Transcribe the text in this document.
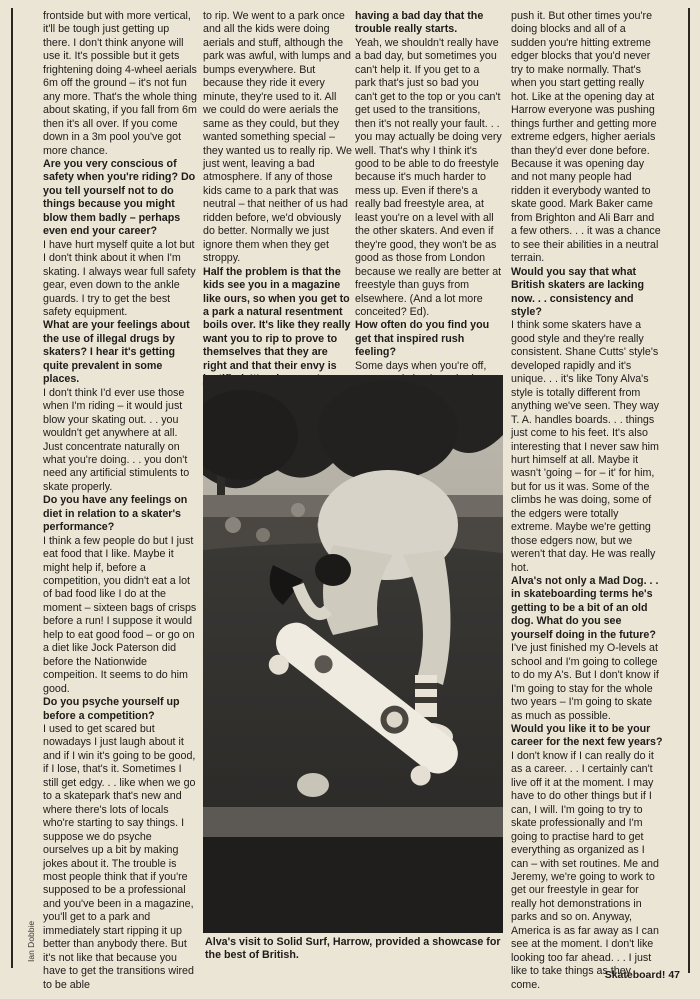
frontside but with more vertical, it'll be tough just getting up there. I don't think anyone will use it. It's possible but it gets frightening doing 4-wheel aerials 6m off the ground – it's not fun any more. That's the whole thing about skating, if you fall from 6m then it's all over. If you come down in a 3m pool you've got more chance.

Are you very conscious of safety when you're riding? Do you tell yourself not to do things because you might blow them badly – perhaps even end your career?

I have hurt myself quite a lot but I don't think about it when I'm skating. I always wear full safety gear, even down to the ankle guards. I try to get the best safety equipment.

What are your feelings about the use of illegal drugs by skaters? I hear it's getting quite prevalent in some places.

I don't think I'd ever use those when I'm riding – it would just blow your skating out. . . you wouldn't get anywhere at all. Just concentrate naturally on what you're doing. . . you don't need any artificial stimulents to skate properly.

Do you have any feelings on diet in relation to a skater's performance?

I think a few people do but I just eat food that I like. Maybe it might help if, before a competition, you didn't eat a lot of bad food like I do at the moment – sixteen bags of crisps before a run! I suppose it would help to eat good food – or go on a diet like Jock Paterson did before the Nationwide compeition. It seems to do him good.

Do you psyche yourself up before a competition?

I used to get scared but nowadays I just laugh about it and if I win it's going to be good, if I lose, that's it. Sometimes I still get edgy. . . like when we go to a skatepark that's new and where there's lots of locals who're starting to say things. I suppose we do psyche ourselves up a bit by making jokes about it. The trouble is most people think that if you're supposed to be a professional and you've been in a magazine, you'll get to a park and immediately start ripping it up better than anybody there. But it's not like that because you have to get the transitions wired to be able

to rip. We went to a park once and all the kids were doing aerials and stuff, although the park was awful, with lumps and bumps everywhere. But because they ride it every minute, they're used to it. All we could do were aerials the same as they could, but they wanted something special – they wanted us to really rip. We just went, leaving a bad atmosphere. If any of those kids came to a park that was neutral – that neither of us had ridden before, we'd obviously do better. Normally we just ignore them when they get stroppy.

Half the problem is that the kids see you in a magazine like ours, so when you get to a park a natural resentment boils over. It's like they really want you to rip to prove to themselves that they are right and that their envy is

having a bad day that the trouble really starts.

Yeah, we shouldn't really have a bad day, but sometimes you can't help it. If you get to a park that's just so bad you can't get to the top or you can't get used to the transitions, then it's not really your fault. . . you may actually be doing very well. That's why I think it's good to be able to do freestyle because it's much harder to mess up. Even if there's a really bad freestyle area, at least you're on a level with all the other skaters. And even if they're good, they won't be as good as those from London because we really are better at freestyle than guys from elsewhere. (And a lot more conceited? Ed).

How often do you find you get that inspired rush feeling?

Some days when you're off,

push it. But other times you're doing blocks and all of a sudden you're hitting extreme edger blocks that you'd never try to make normally. That's when you start getting really hot. Like at the opening day at Harrow everyone was pushing things further and getting more extreme edgers, higher aerials than they'd ever done before. Because it was opening day and not many people had ridden it everybody wanted to skate good. Mark Baker came from Brighton and Ali Barr and a few others. . . it was a chance to see their abilities in a neutral terrain.

Would you say that what British skaters are lacking now. . . consistency and style?

I think some skaters have a good style and they're really consistent. Shane Cutts' style's developed rapidly and it's unique. . . it's like Tony Alva's style is totally different from anything we've seen. They way T. A. handles boards. . . things just come to his feet. It's also interesting that I never saw him hurt himself at all. Maybe it wasn't 'going – for – it' for him, but for us it was. Some of the climbs he was doing, some of the edgers were totally extreme. Maybe we're getting those edgers now, but we weren't that day. He was really hot.

Alva's not only a Mad Dog. . . in skateboarding terms he's getting to be a bit of an old dog. What do you see yourself doing in the future?

I've just finished my O-levels at school and I'm going to college to do my A's. But I don't know if I'm going to stay for the whole two years – I'm going to skate as much as possible.

Would you like it to be your career for the next few years?

I don't know if I can really do it as a career. . . I certainly can't live off it at the moment. I may have to do other things but if I can, I will. I'm going to try to skate professionally and I'm going to practise hard to get everything as organized as I can – with set routines. Me and Jeremy, we're going to work to get our freestyle in gear for really hot demonstrations in parks and so on. Anyway, America is as far away as I can see at the moment. I don't like looking too far ahead. . . I just like to take things as they come.

Alva's visit to Solid Surf, Harrow, provided a showcase for the best of British.
Ian Dobbie
Skateboard! 47
